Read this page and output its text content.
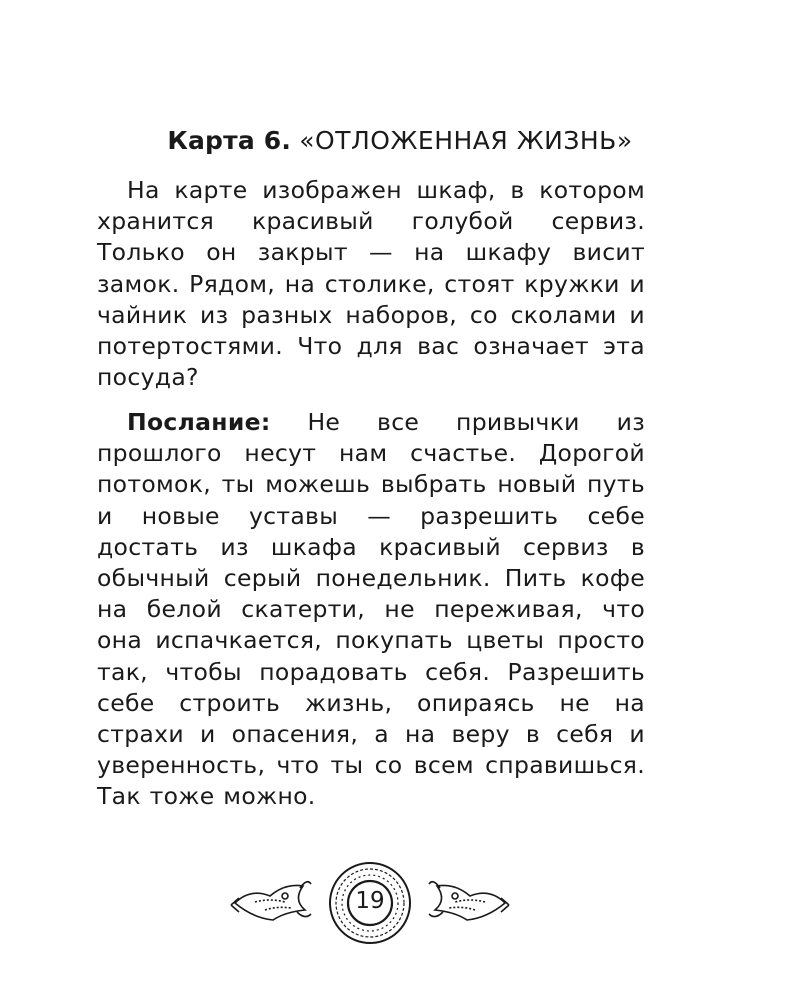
Карта 6. «ОТЛОЖЕННАЯ ЖИЗНЬ»
На карте изображен шкаф, в котором хранится красивый голубой сервиз. Только он закрыт — на шкафу висит замок. Рядом, на столике, стоят кружки и чайник из разных наборов, со сколами и потертостями. Что для вас означает эта посуда?
Послание: Не все привычки из прошлого несут нам счастье. Дорогой потомок, ты можешь выбрать новый путь и новые уставы — разрешить себе достать из шкафа красивый сервиз в обычный серый понедельник. Пить кофе на белой скатерти, не переживая, что она испачкается, покупать цветы просто так, чтобы порадовать себя. Разрешить себе строить жизнь, опираясь не на страхи и опасения, а на веру в себя и уверенность, что ты со всем справишься. Так тоже можно.
19
